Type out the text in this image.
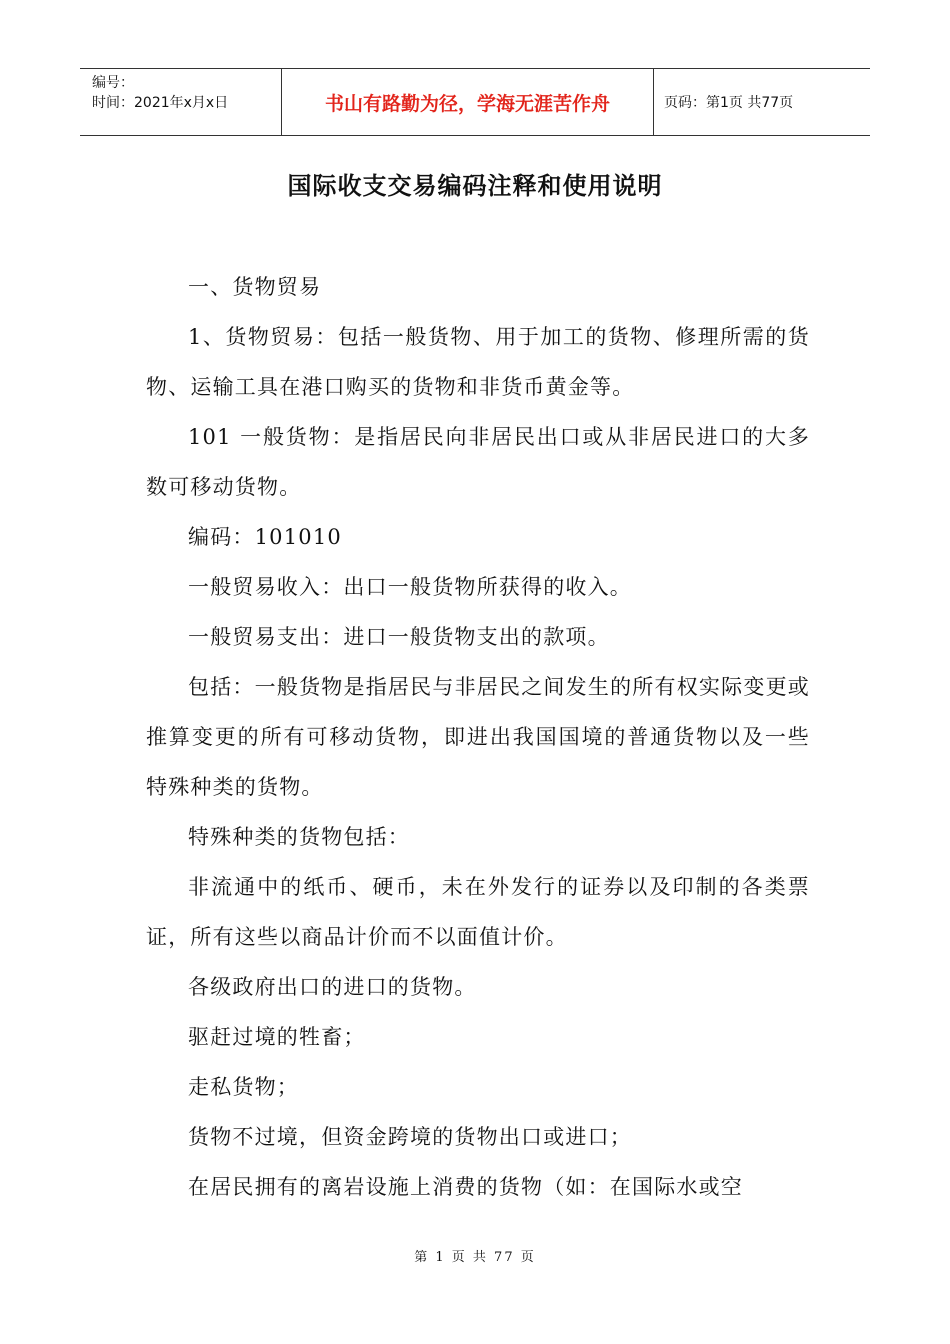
编号：
时间：2021年x月x日	书山有路勤为径，学海无涯苦作舟	页码：第1页 共77页
国际收支交易编码注释和使用说明

一、货物贸易

1、货物贸易：包括一般货物、用于加工的货物、修理所需的货物、运输工具在港口购买的货物和非货币黄金等。

101 一般货物：是指居民向非居民出口或从非居民进口的大多数可移动货物。

编码：101010

一般贸易收入：出口一般货物所获得的收入。

一般贸易支出：进口一般货物支出的款项。

包括：一般货物是指居民与非居民之间发生的所有权实际变更或推算变更的所有可移动货物，即进出我国国境的普通货物以及一些特殊种类的货物。

特殊种类的货物包括：

非流通中的纸币、硬币，未在外发行的证券以及印制的各类票证，所有这些以商品计价而不以面值计价。

各级政府出口的进口的货物。

驱赶过境的牲畜；

走私货物；

货物不过境，但资金跨境的货物出口或进口；

在居民拥有的离岩设施上消费的货物（如：在国际水或空

第 1 页 共 77 页
